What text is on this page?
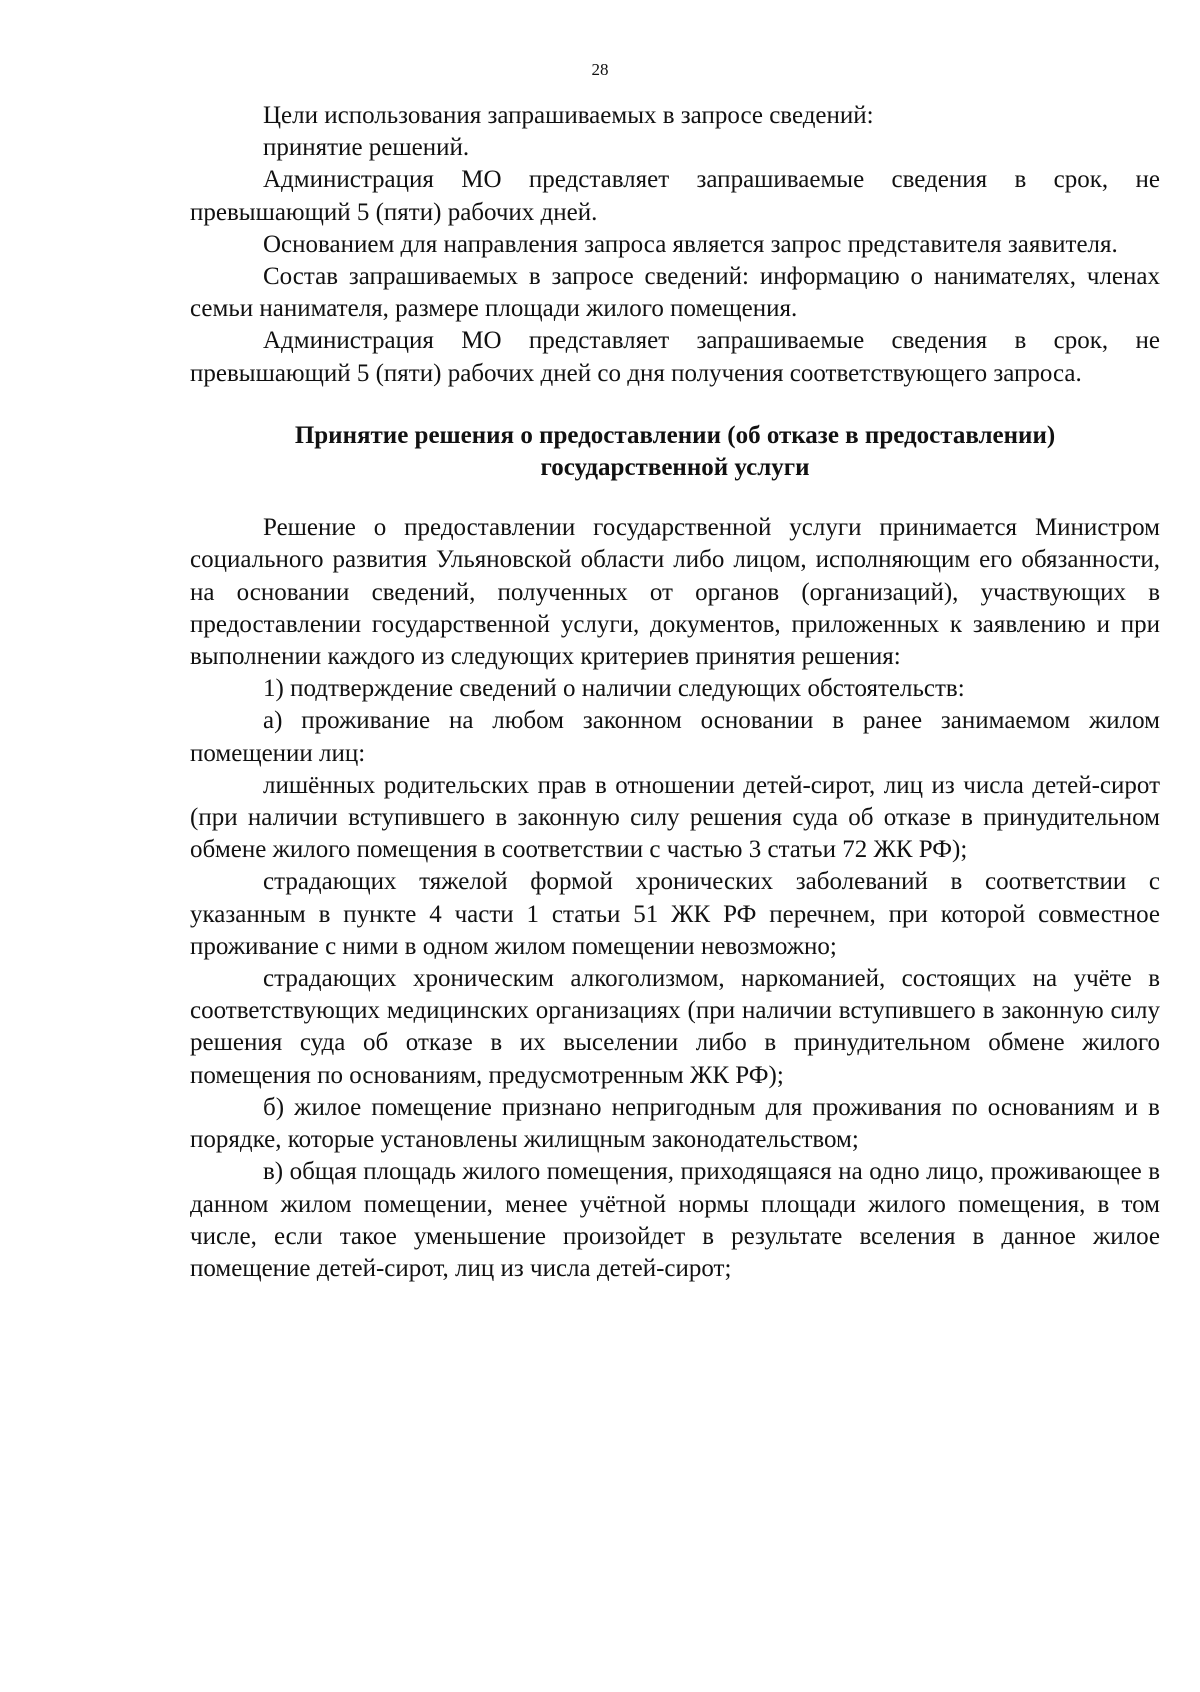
28

Цели использования запрашиваемых в запросе сведений:

принятие решений.

Администрация МО представляет запрашиваемые сведения в срок, не превышающий 5 (пяти) рабочих дней.

Основанием для направления запроса является запрос представителя заявителя.

Состав запрашиваемых в запросе сведений: информацию о нанимателях, членах семьи нанимателя, размере площади жилого помещения.

Администрация МО представляет запрашиваемые сведения в срок, не превышающий 5 (пяти) рабочих дней со дня получения соответствующего запроса.

Принятие решения о предоставлении (об отказе в предоставлении)
государственной услуги

Решение о предоставлении государственной услуги принимается Министром социального развития Ульяновской области либо лицом, исполняющим его обязанности, на основании сведений, полученных от органов (организаций), участвующих в предоставлении государственной услуги, документов, приложенных к заявлению и при выполнении каждого из следующих критериев принятия решения:

1) подтверждение сведений о наличии следующих обстоятельств:

а) проживание на любом законном основании в ранее занимаемом жилом помещении лиц:

лишённых родительских прав в отношении детей-сирот, лиц из числа детей-сирот (при наличии вступившего в законную силу решения суда об отказе в принудительном обмене жилого помещения в соответствии с частью 3 статьи 72 ЖК РФ);

страдающих тяжелой формой хронических заболеваний в соответствии с указанным в пункте 4 части 1 статьи 51 ЖК РФ перечнем, при которой совместное проживание с ними в одном жилом помещении невозможно;

страдающих хроническим алкоголизмом, наркоманией, состоящих на учёте в соответствующих медицинских организациях (при наличии вступившего в законную силу решения суда об отказе в их выселении либо в принудительном обмене жилого помещения по основаниям, предусмотренным ЖК РФ);

б) жилое помещение признано непригодным для проживания по основаниям и в порядке, которые установлены жилищным законодательством;

в) общая площадь жилого помещения, приходящаяся на одно лицо, проживающее в данном жилом помещении, менее учётной нормы площади жилого помещения, в том числе, если такое уменьшение произойдет в результате вселения в данное жилое помещение детей-сирот, лиц из числа детей-сирот;
